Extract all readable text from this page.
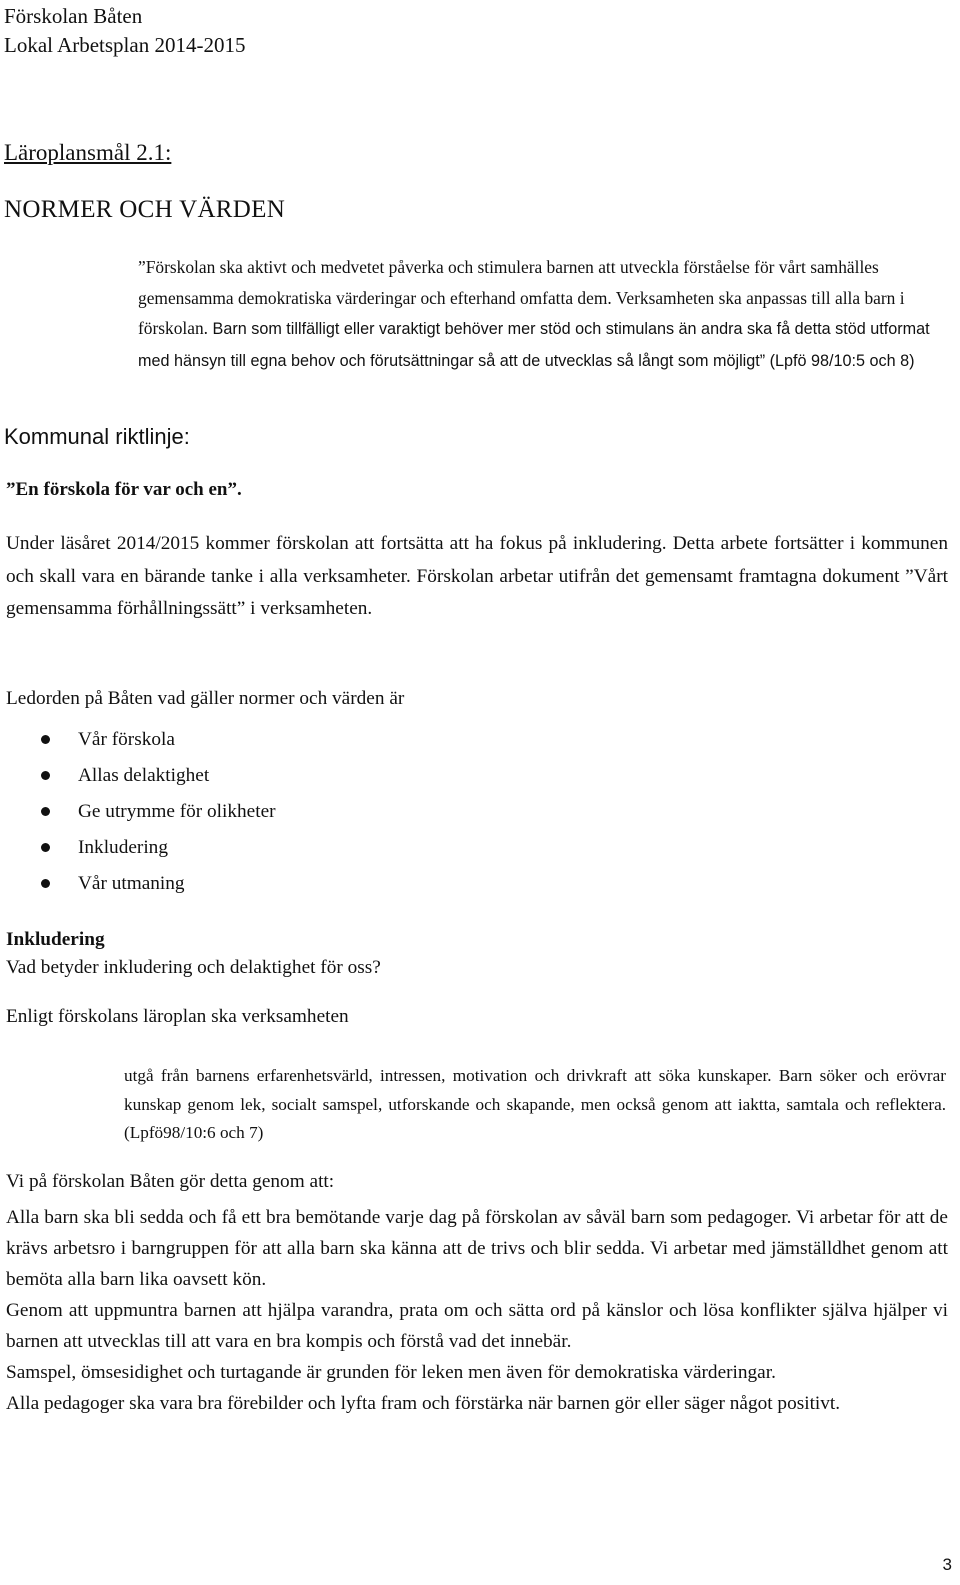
Förskolan Båten
Lokal Arbetsplan 2014-2015
Läroplansmål 2.1:
NORMER OCH VÄRDEN
”Förskolan ska aktivt och medvetet påverka och stimulera barnen att utveckla förståelse för vårt samhälles gemensamma demokratiska värderingar och efterhand omfatta dem. Verksamheten ska anpassas till alla barn i förskolan. Barn som tillfälligt eller varaktigt behöver mer stöd och stimulans än andra ska få detta stöd utformat med hänsyn till egna behov och förutsättningar så att de utvecklas så långt som möjligt” (Lpfö 98/10:5 och 8)
Kommunal riktlinje:
”En förskola för var och en”.
Under läsåret 2014/2015 kommer förskolan att fortsätta att ha fokus på inkludering. Detta arbete fortsätter i kommunen och skall vara en bärande tanke i alla verksamheter. Förskolan arbetar utifrån det gemensamt framtagna dokument ”Vårt gemensamma förhållningssätt” i verksamheten.
Ledorden på Båten vad gäller normer och värden är
Vår förskola
Allas delaktighet
Ge utrymme för olikheter
Inkludering
Vår utmaning
Inkludering
Vad betyder inkludering och delaktighet för oss?
Enligt förskolans läroplan ska verksamheten
utgå från barnens erfarenhetsvärld, intressen, motivation och drivkraft att söka kunskaper. Barn söker och erövrar kunskap genom lek, socialt samspel, utforskande och skapande, men också genom att iaktta, samtala och reflektera. (Lpfö98/10:6 och 7)
Vi på förskolan Båten gör detta genom att:

Alla barn ska bli sedda och få ett bra bemötande varje dag på förskolan av såväl barn som pedagoger. Vi arbetar för att de krävs arbetsro i barngruppen för att alla barn ska känna att de trivs och blir sedda. Vi arbetar med jämställdhet genom att bemöta alla barn lika oavsett kön.

Genom att uppmuntra barnen att hjälpa varandra, prata om och sätta ord på känslor och lösa konflikter själva hjälper vi barnen att utvecklas till att vara en bra kompis och förstå vad det innebär.

Samspel, ömsesidighet och turtagande är grunden för leken men även för demokratiska värderingar.

Alla pedagoger ska vara bra förebilder och lyfta fram och förstärka när barnen gör eller säger något positivt.

3
